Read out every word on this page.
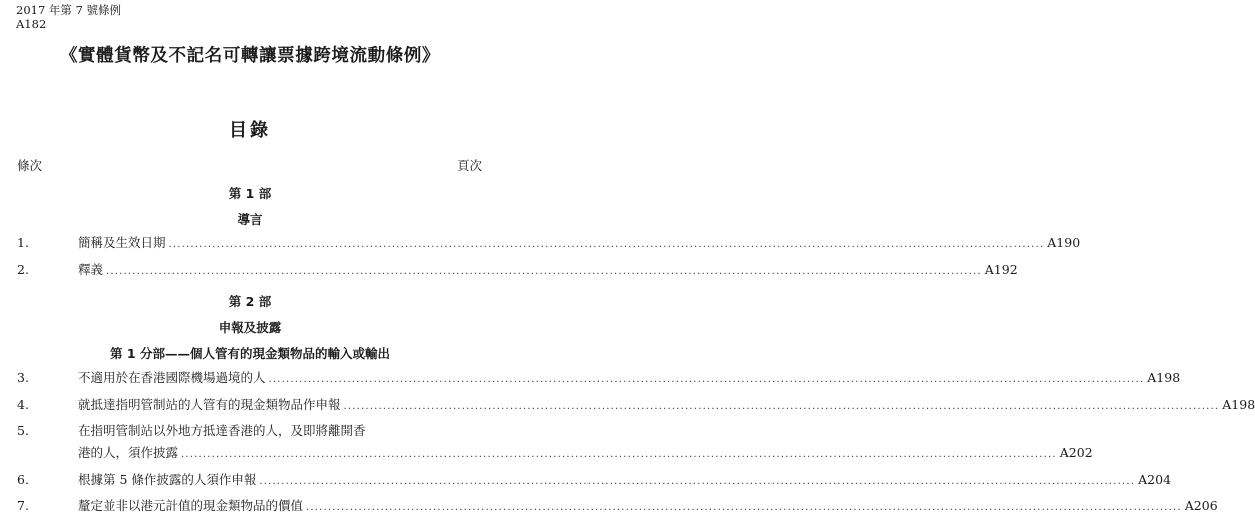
2017 年第 7 號條例
A182
《實體貨幣及不記名可轉讓票據跨境流動條例》
目錄
條次	頁次
第 1 部
導言
1.	簡稱及生效日期 ........................................................................................................................................................................................................ A190
2.	釋義 ........................................................................................................................................................................................................ A192
第 2 部
申報及披露
第 1 分部——個人管有的現金類物品的輸入或輸出
3.	不適用於在香港國際機場過境的人 ........................................................................................................................................................................................................ A198
4.	就抵達指明管制站的人管有的現金類物品作申報 ........................................................................................................................................................................................................ A198
5.	在指明管制站以外地方抵達香港的人，及即將離開香
港的人，須作披露 ........................................................................................................................................................................................................ A202
6.	根據第 5 條作披露的人須作申報 ........................................................................................................................................................................................................ A204
7.	釐定並非以港元計值的現金類物品的價值 ........................................................................................................................................................................................................ A206
